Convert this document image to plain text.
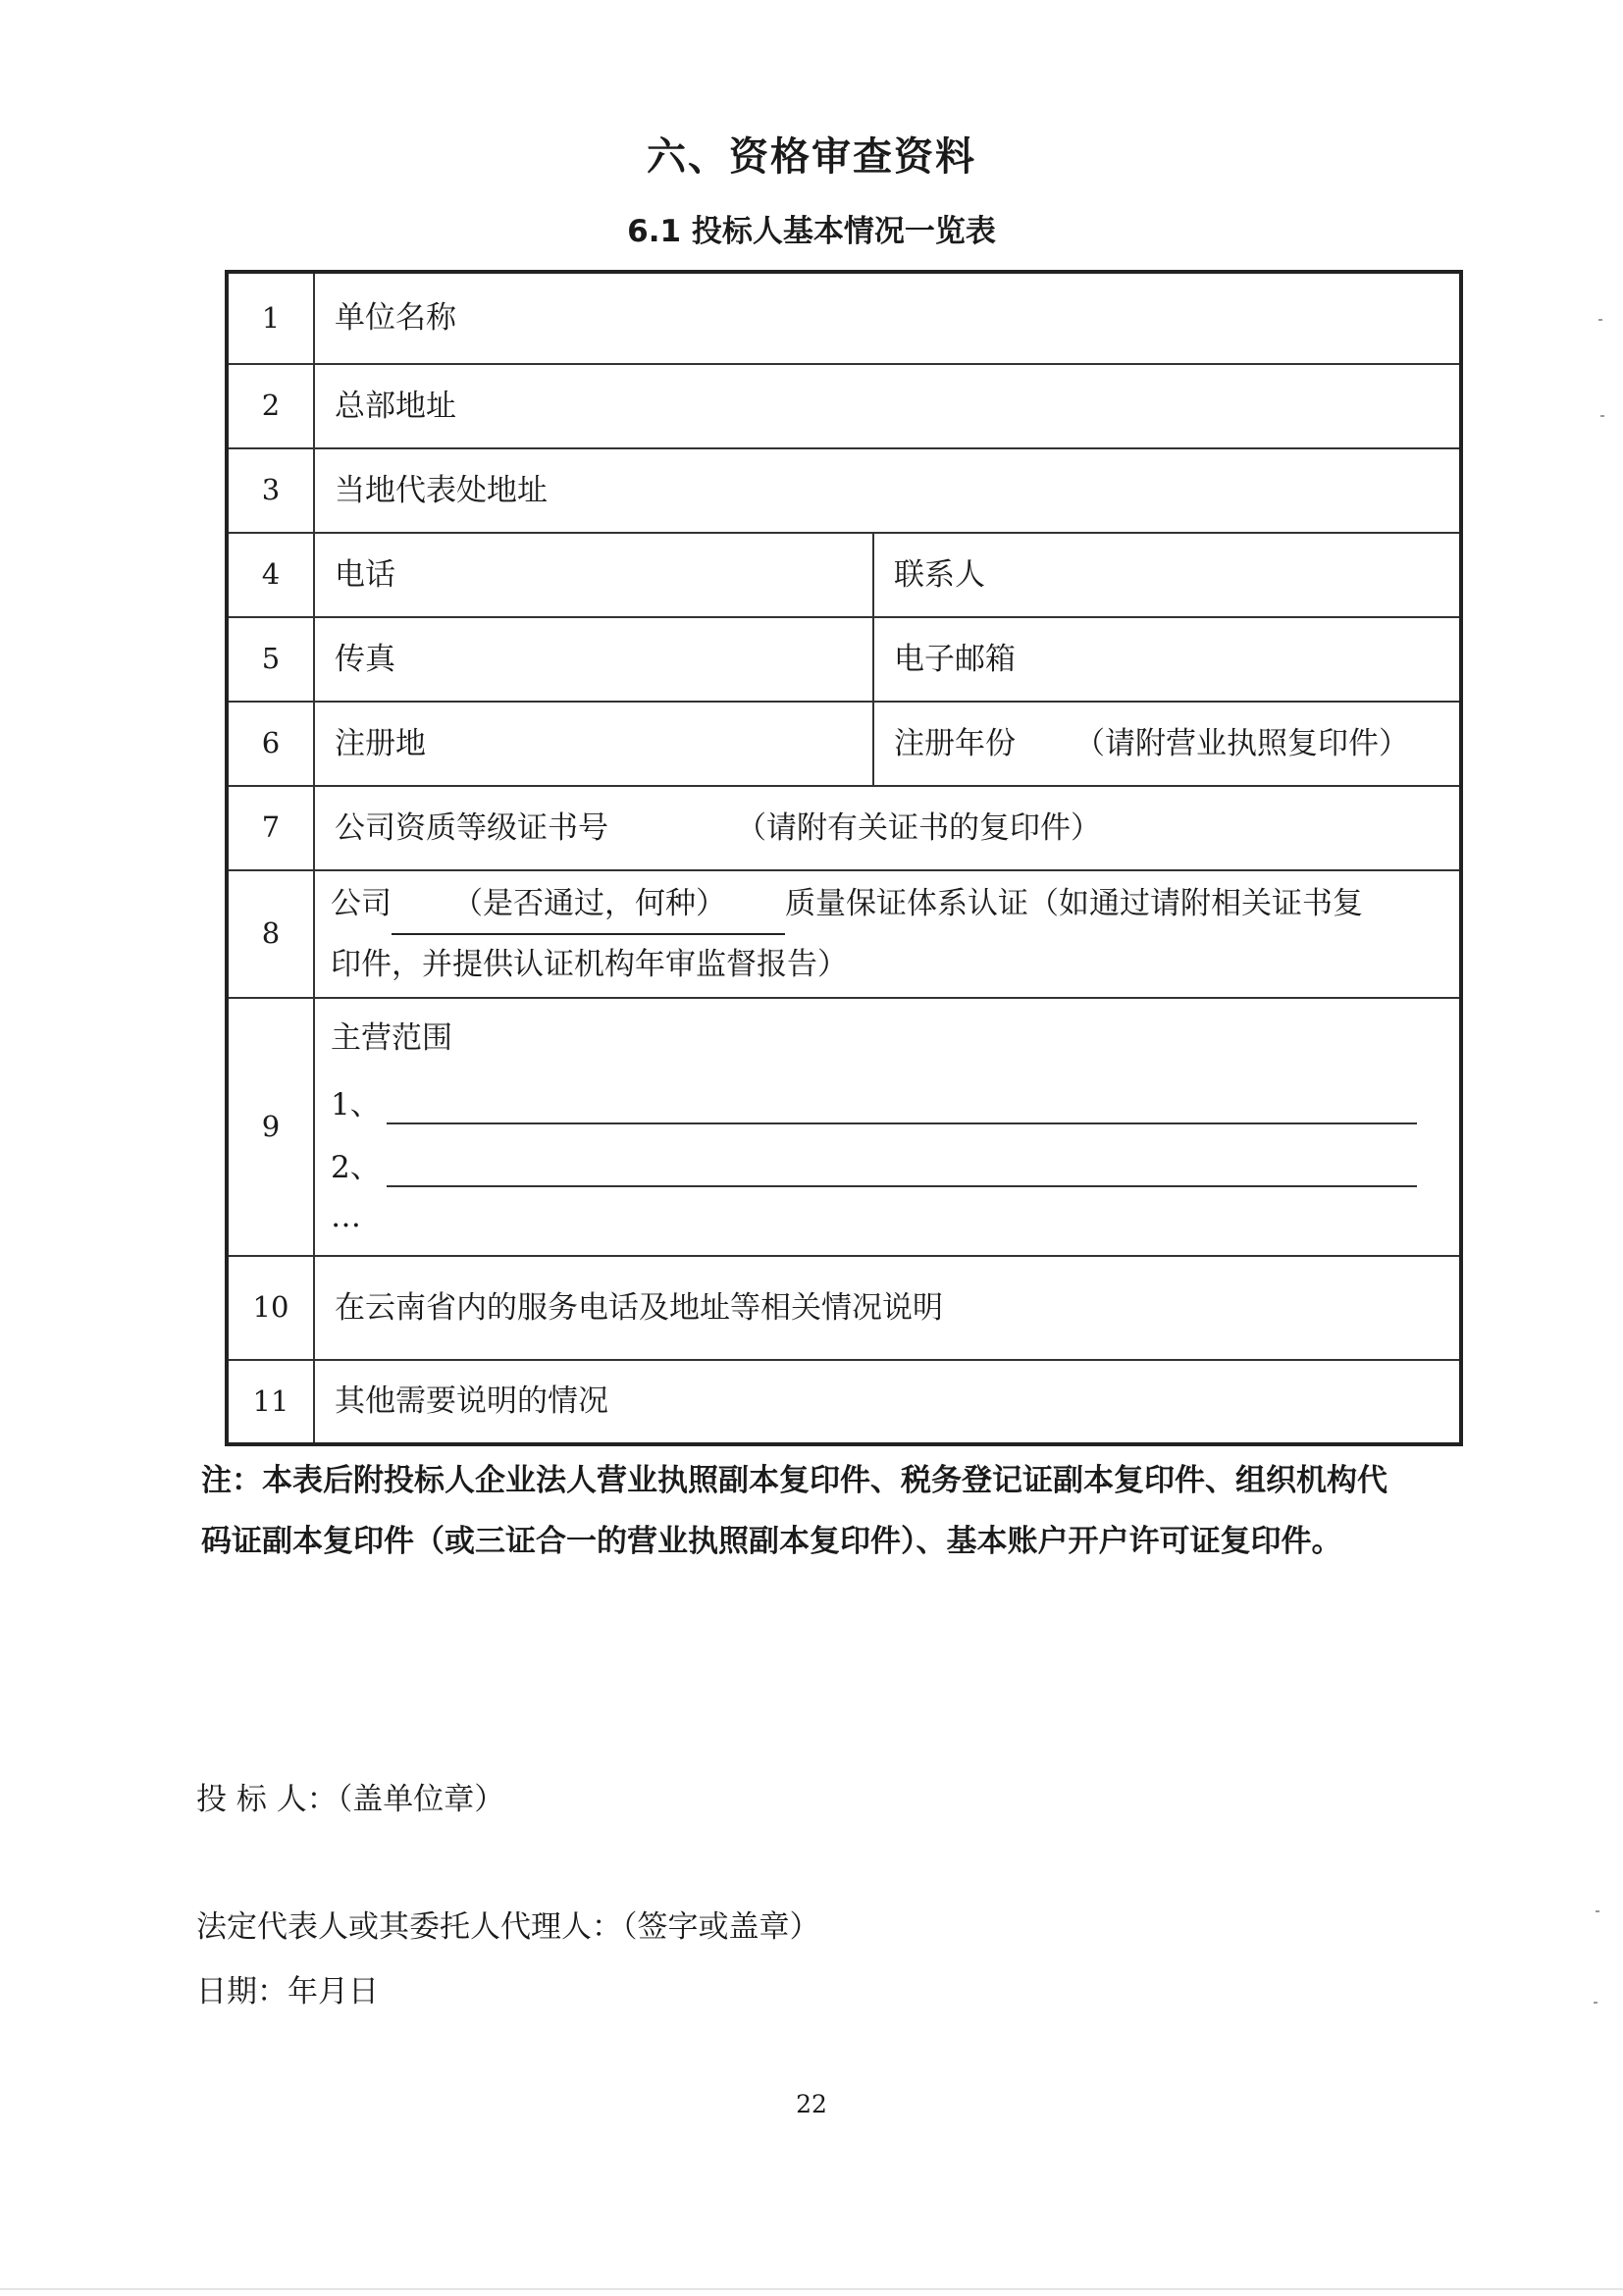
六、资格审查资料
6.1 投标人基本情况一览表
1	单位名称	
2	总部地址	
3	当地代表处地址	
4	电话	联系人
5	传真	电子邮箱
6	注册地	注册年份 （请附营业执照复印件）
7	公司资质等级证书号 （请附有关证书的复印件）	
8	公司 （是否通过，何种） 质量保证体系认证（如通过请附相关证书复
印件，并提供认证机构年审监督报告）	

9	主营范围
1、
2、
…	

10	在云南省内的服务电话及地址等相关情况说明	
11	其他需要说明的情况	
注：本表后附投标人企业法人营业执照副本复印件、税务登记证副本复印件、组织机构代
码证副本复印件（或三证合一的营业执照副本复印件）、基本账户开户许可证复印件。
投 标 人：（盖单位章）
法定代表人或其委托人代理人：（签字或盖章）
日期：年月日
22
